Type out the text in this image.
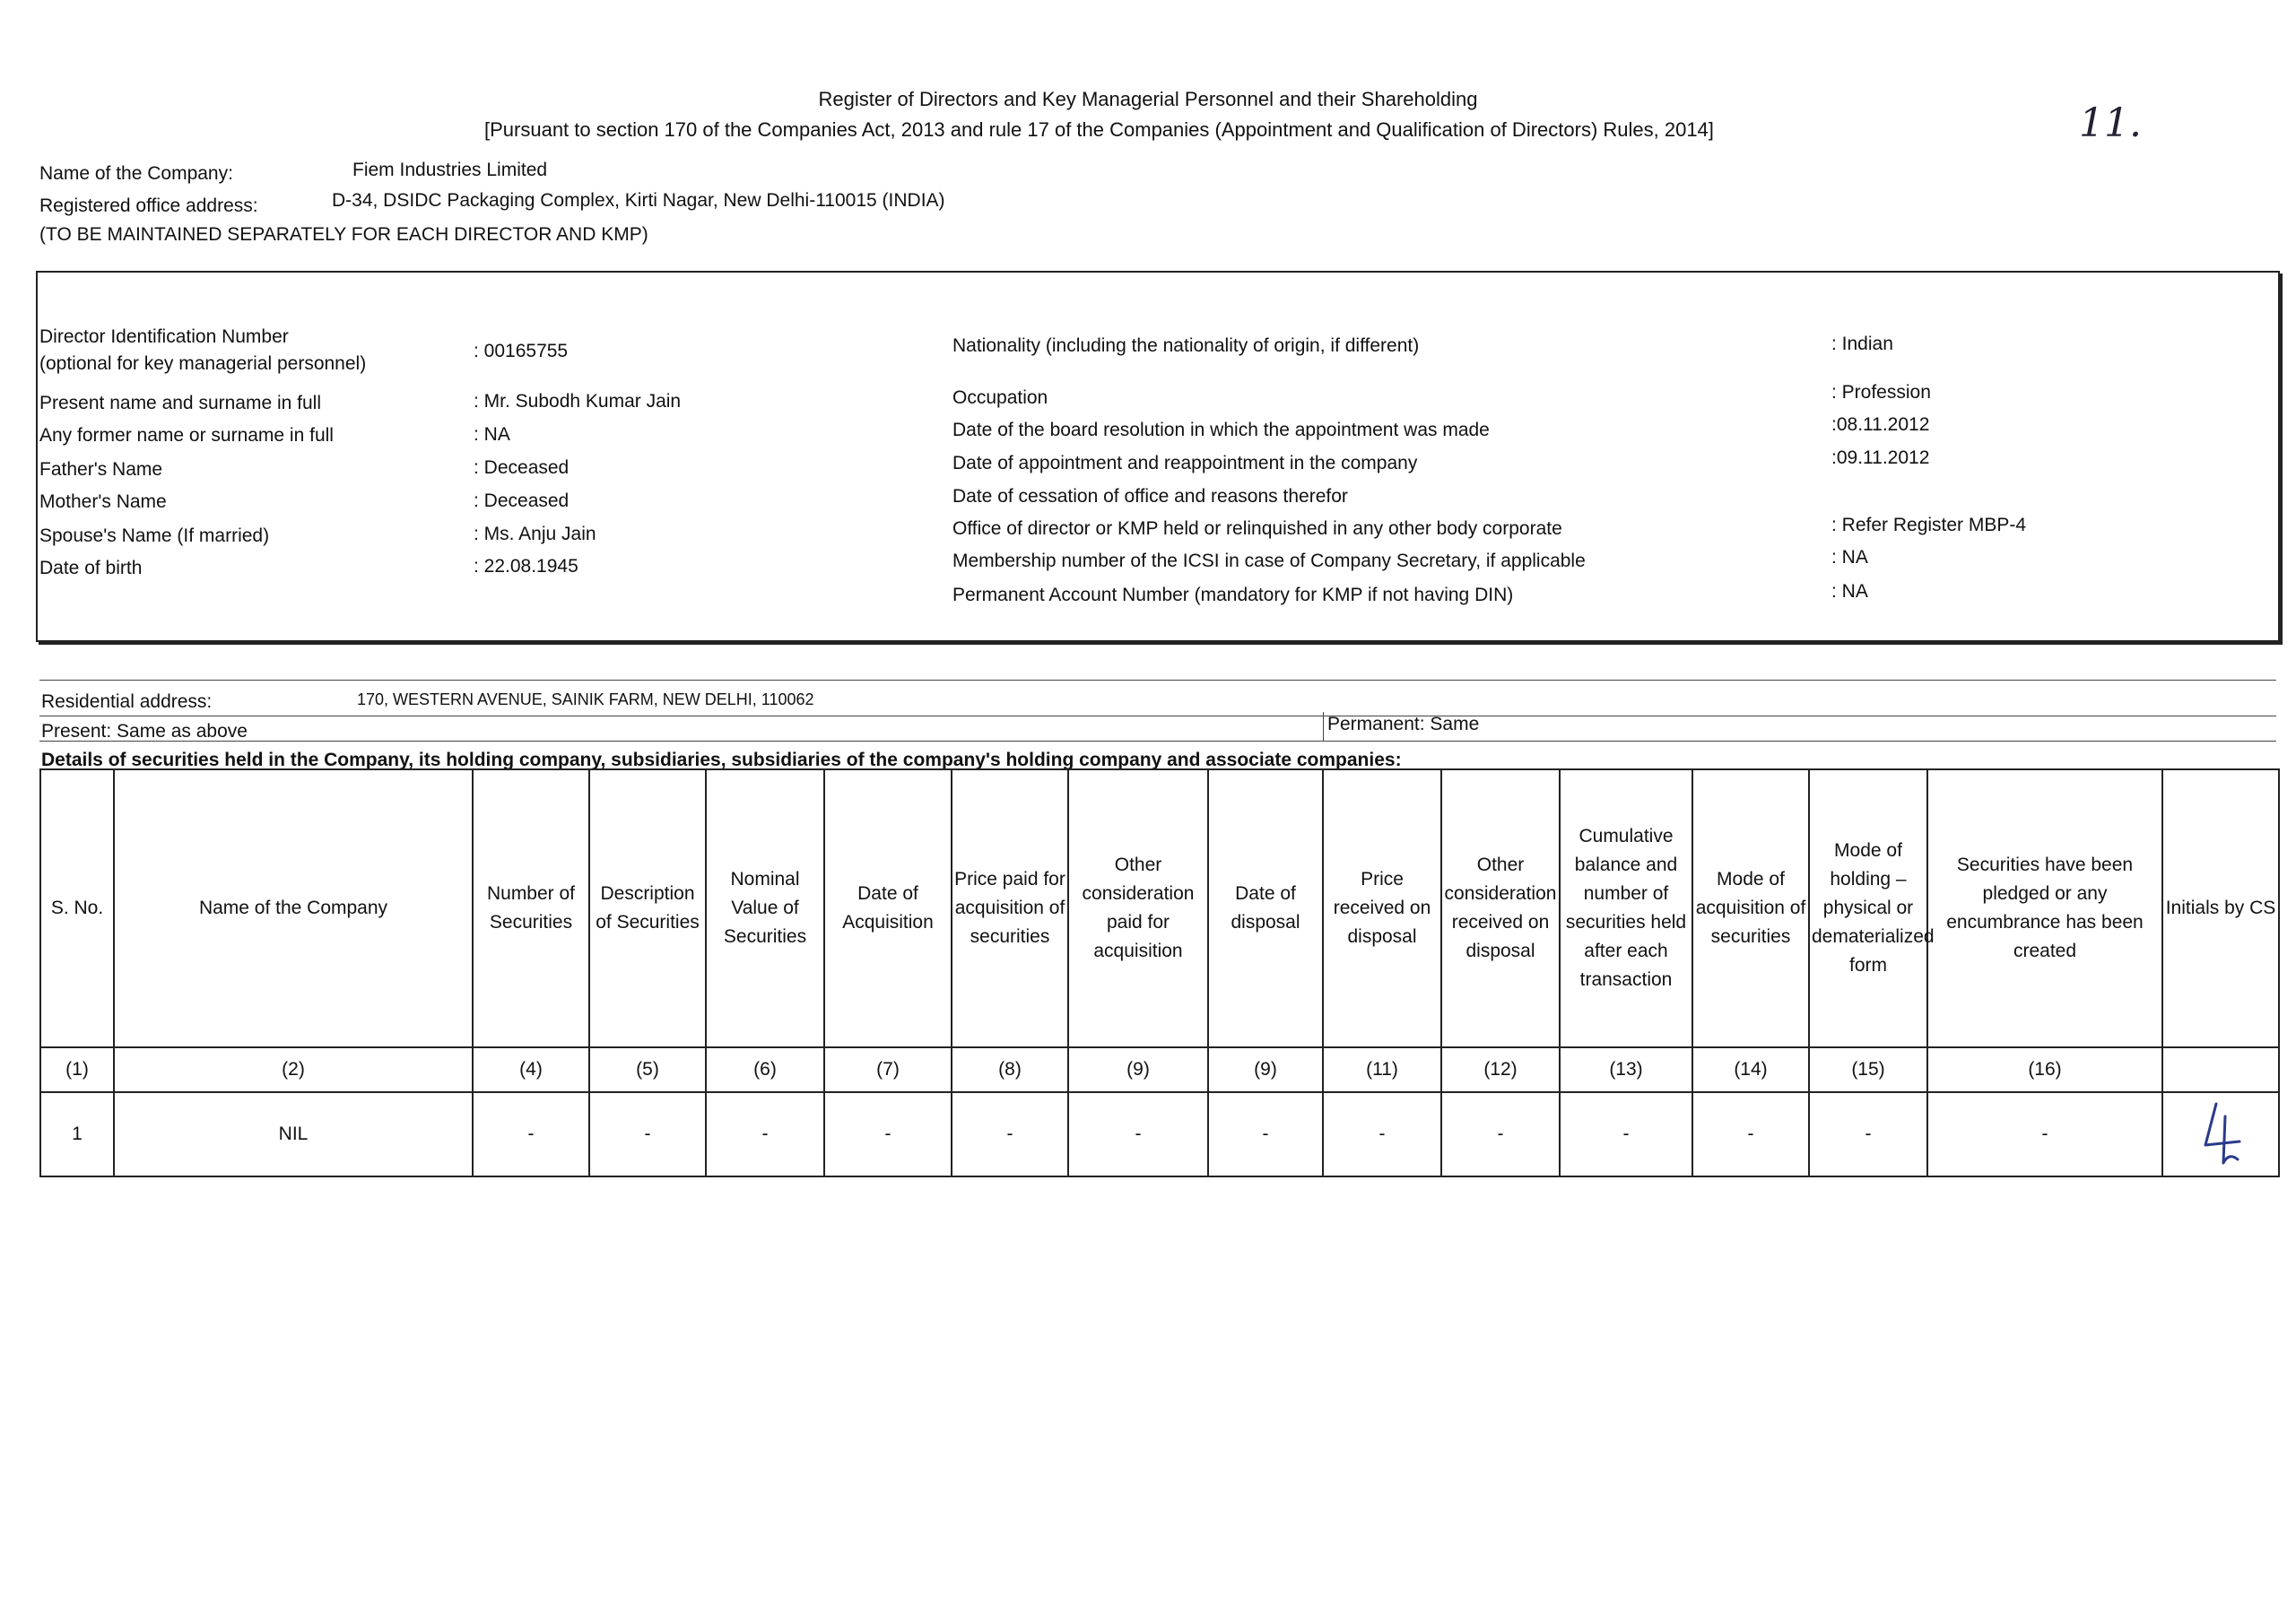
Register of Directors and Key Managerial Personnel and their Shareholding
[Pursuant to section 170 of the Companies Act, 2013 and rule 17 of the Companies (Appointment and Qualification of Directors) Rules, 2014]	11.
Name of the Company:	Fiem Industries Limited
Registered office address:	D-34, DSIDC Packaging Complex, Kirti Nagar, New Delhi-110015 (INDIA)
(TO BE MAINTAINED SEPARATELY FOR EACH DIRECTOR AND KMP)
Director Identification Number
(optional for key managerial personnel)
: 00165755
Present name and surname in full	: Mr. Subodh Kumar Jain
Any former name or surname in full	: NA
Father's Name	: Deceased
Mother's Name	: Deceased
Spouse's Name (If married)	: Ms. Anju Jain
Date of birth	: 22.08.1945
Nationality (including the nationality of origin, if different)	: Indian
Occupation	: Profession
Date of the board resolution in which the appointment was made	:08.11.2012
Date of appointment and reappointment in the company	:09.11.2012
Date of cessation of office and reasons therefor
Office of director or KMP held or relinquished in any other body corporate	: Refer Register MBP-4
Membership number of the ICSI in case of Company Secretary, if applicable	: NA
Permanent Account Number (mandatory for KMP if not having DIN)	: NA
Residential address:	170, WESTERN AVENUE, SAINIK FARM, NEW DELHI, 110062
Present: Same as above	Permanent: Same
Details of securities held in the Company, its holding company, subsidiaries, subsidiaries of the company's holding company and associate companies:
S. No.	Name of the Company	Number of Securities	Description of Securities	Nominal Value of Securities	Date of Acquisition	Price paid for acquisition of securities	Other consideration paid for acquisition	Date of disposal	Price received on disposal	Other consideration received on disposal	Cumulative balance and number of securities held after each transaction	Mode of acquisition of securities	Mode of holding – physical or dematerialized form	Securities have been pledged or any encumbrance has been created	Initials by CS
(1)	(2)	(4)	(5)	(6)	(7)	(8)	(9)	(9)	(11)	(12)	(13)	(14)	(15)	(16)	
1	NIL	-	-	-	-	-	-	-	-	-	-	-	-	-	
